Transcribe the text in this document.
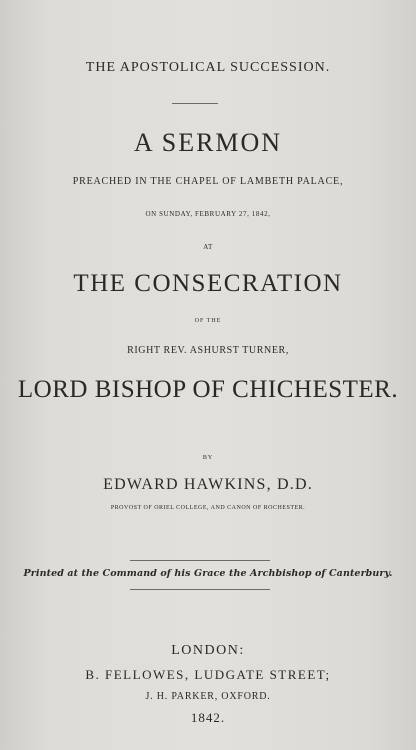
THE APOSTOLICAL SUCCESSION.
A SERMON
PREACHED IN THE CHAPEL OF LAMBETH PALACE,
ON SUNDAY, FEBRUARY 27, 1842,
AT
THE CONSECRATION
OF THE
RIGHT REV. ASHURST TURNER,
LORD BISHOP OF CHICHESTER.
BY
EDWARD HAWKINS, D.D.
PROVOST OF ORIEL COLLEGE, AND CANON OF ROCHESTER.
Printed at the Command of his Grace the Archbishop of Canterbury.
LONDON:
B. FELLOWES, LUDGATE STREET;
J. H. PARKER, OXFORD.
1842.
